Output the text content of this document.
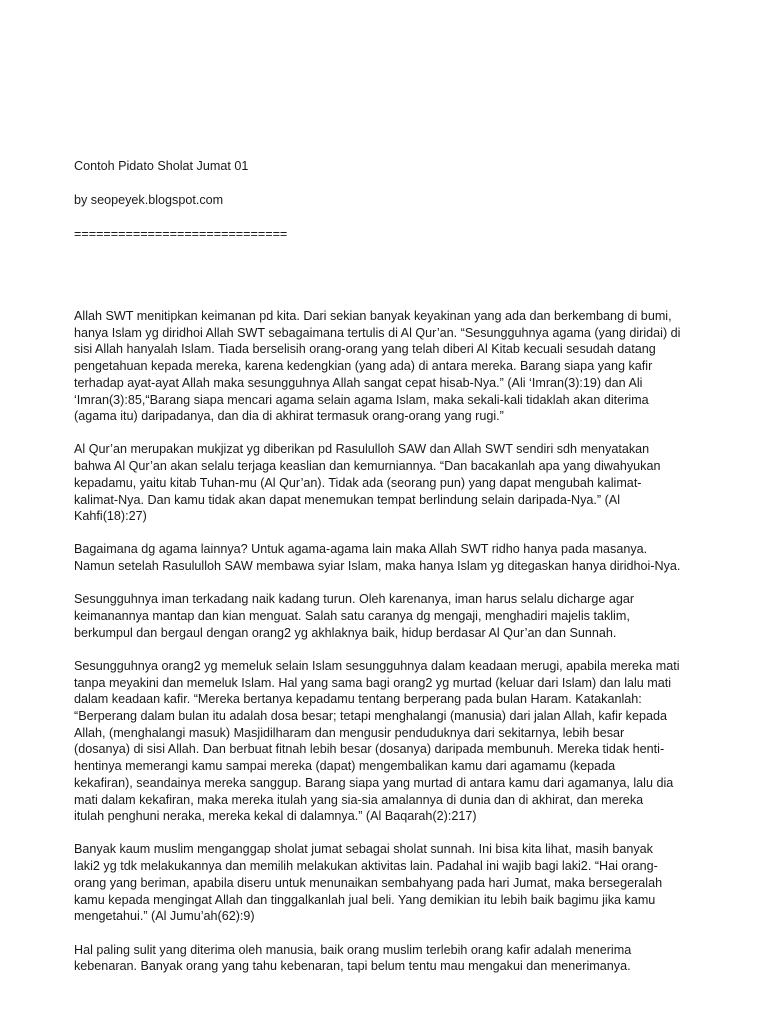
Contoh Pidato Sholat Jumat 01

by seopeyek.blogspot.com

=============================

Allah SWT menitipkan keimanan pd kita. Dari sekian banyak keyakinan yang ada dan berkembang di bumi,

hanya Islam yg diridhoi Allah SWT sebagaimana tertulis di Al Qur’an. “Sesungguhnya agama (yang diridai) di

sisi Allah hanyalah Islam. Tiada berselisih orang-orang yang telah diberi Al Kitab kecuali sesudah datang

pengetahuan kepada mereka, karena kedengkian (yang ada) di antara mereka. Barang siapa yang kafir

terhadap ayat-ayat Allah maka sesungguhnya Allah sangat cepat hisab-Nya.” (Ali ‘Imran(3):19) dan Ali

‘Imran(3):85,“Barang siapa mencari agama selain agama Islam, maka sekali-kali tidaklah akan diterima

(agama itu) daripadanya, dan dia di akhirat termasuk orang-orang yang rugi.”

Al Qur’an merupakan mukjizat yg diberikan pd Rasululloh SAW dan Allah SWT sendiri sdh menyatakan

bahwa Al Qur’an akan selalu terjaga keaslian dan kemurniannya. “Dan bacakanlah apa yang diwahyukan

kepadamu, yaitu kitab Tuhan-mu (Al Qur’an). Tidak ada (seorang pun) yang dapat mengubah kalimat-

kalimat-Nya. Dan kamu tidak akan dapat menemukan tempat berlindung selain daripada-Nya.” (Al

Kahfi(18):27)

Bagaimana dg agama lainnya? Untuk agama-agama lain maka Allah SWT ridho hanya pada masanya.

Namun setelah Rasululloh SAW membawa syiar Islam, maka hanya Islam yg ditegaskan hanya diridhoi-Nya.

Sesungguhnya iman terkadang naik kadang turun. Oleh karenanya, iman harus selalu dicharge agar

keimanannya mantap dan kian menguat. Salah satu caranya dg mengaji, menghadiri majelis taklim,

berkumpul dan bergaul dengan orang2 yg akhlaknya baik, hidup berdasar Al Qur’an dan Sunnah.

Sesungguhnya orang2 yg memeluk selain Islam sesungguhnya dalam keadaan merugi, apabila mereka mati

tanpa meyakini dan memeluk Islam. Hal yang sama bagi orang2 yg murtad (keluar dari Islam) dan lalu mati

dalam keadaan kafir. “Mereka bertanya kepadamu tentang berperang pada bulan Haram. Katakanlah:

“Berperang dalam bulan itu adalah dosa besar; tetapi menghalangi (manusia) dari jalan Allah, kafir kepada

Allah, (menghalangi masuk) Masjidilharam dan mengusir penduduknya dari sekitarnya, lebih besar

(dosanya) di sisi Allah. Dan berbuat fitnah lebih besar (dosanya) daripada membunuh. Mereka tidak henti-

hentinya memerangi kamu sampai mereka (dapat) mengembalikan kamu dari agamamu (kepada

kekafiran), seandainya mereka sanggup. Barang siapa yang murtad di antara kamu dari agamanya, lalu dia

mati dalam kekafiran, maka mereka itulah yang sia-sia amalannya di dunia dan di akhirat, dan mereka

itulah penghuni neraka, mereka kekal di dalamnya.” (Al Baqarah(2):217)

Banyak kaum muslim menganggap sholat jumat sebagai sholat sunnah. Ini bisa kita lihat, masih banyak

laki2 yg tdk melakukannya dan memilih melakukan aktivitas lain. Padahal ini wajib bagi laki2. “Hai orang-

orang yang beriman, apabila diseru untuk menunaikan sembahyang pada hari Jumat, maka bersegeralah

kamu kepada mengingat Allah dan tinggalkanlah jual beli. Yang demikian itu lebih baik bagimu jika kamu

mengetahui.” (Al Jumu’ah(62):9)

Hal paling sulit yang diterima oleh manusia, baik orang muslim terlebih orang kafir adalah menerima

kebenaran. Banyak orang yang tahu kebenaran, tapi belum tentu mau mengakui dan menerimanya.
